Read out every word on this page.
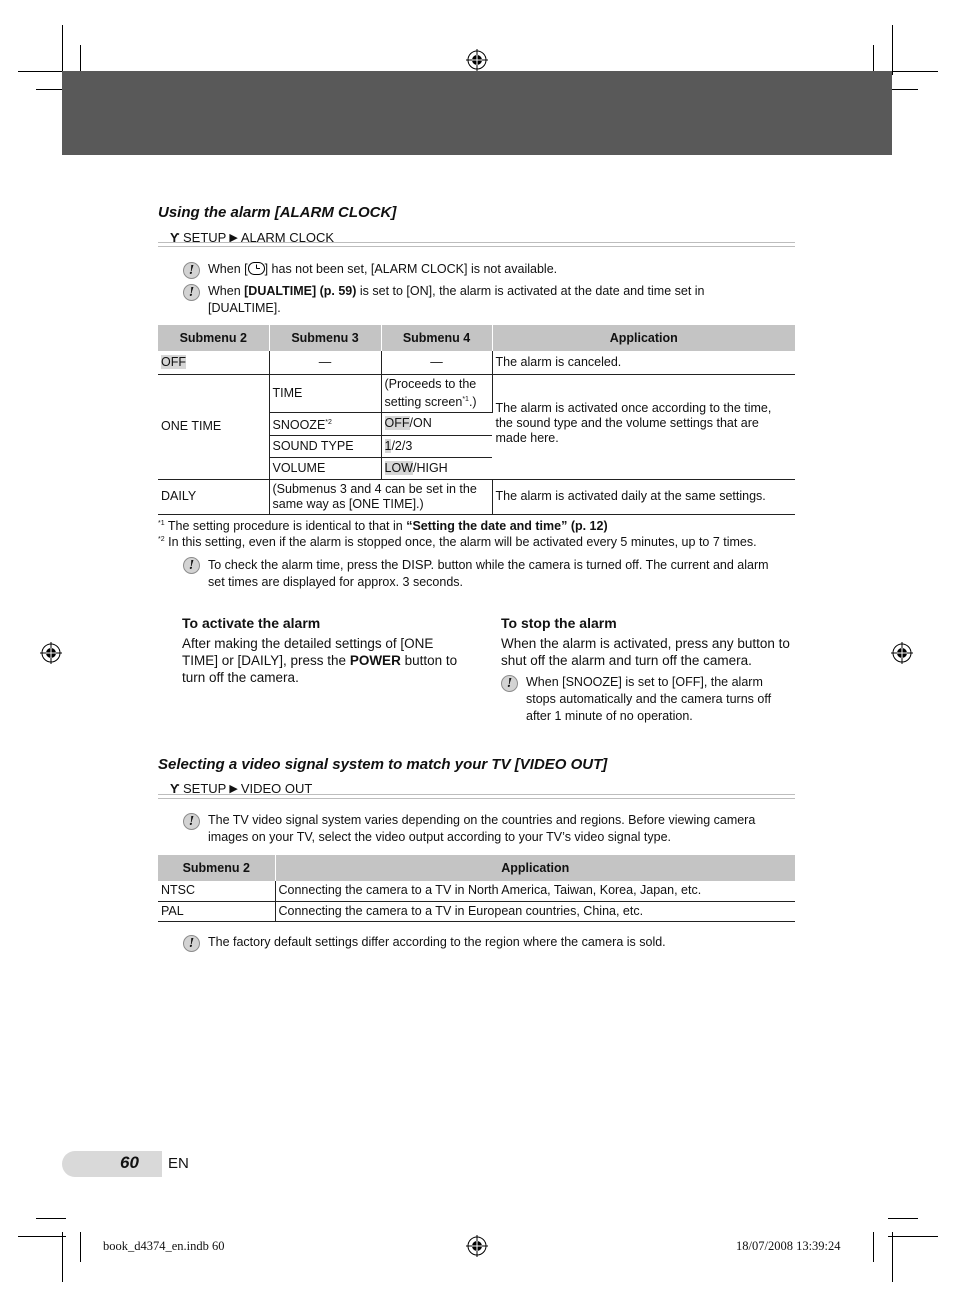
Using the alarm [ALARM CLOCK]
Ƴ SETUP ▶ ALARM CLOCK
!	When [ ] has not been set, [ALARM CLOCK] is not available.
!	When [DUALTIME] (p. 59) is set to [ON], the alarm is activated at the date and time set in [DUALTIME].
Submenu 2	Submenu 3	Submenu 4	Application
OFF	—	—	The alarm is canceled.
ONE TIME	TIME	(Proceeds to the setting screen$^{*1}$.)	The alarm is activated once according to the time, the sound type and the volume settings that are made here.
	SNOOZE$^{*2}$	OFF/ON	
	SOUND TYPE	1/2/3	
	VOLUME	LOW/HIGH	
DAILY	(Submenus 3 and 4 can be set in the same way as [ONE TIME].)		The alarm is activated daily at the same settings.
$^{*1}$ The setting procedure is identical to that in “Setting the date and time” (p. 12)
$^{*2}$ In this setting, even if the alarm is stopped once, the alarm will be activated every 5 minutes, up to 7 times.
!	To check the alarm time, press the DISP. button while the camera is turned off. The current and alarm set times are displayed for approx. 3 seconds.
To activate the alarm
After making the detailed settings of [ONE TIME] or [DAILY], press the POWER button to turn off the camera.
To stop the alarm
When the alarm is activated, press any button to shut off the alarm and turn off the camera.
!	When [SNOOZE] is set to [OFF], the alarm stops automatically and the camera turns off after 1 minute of no operation.
Selecting a video signal system to match your TV [VIDEO OUT]
Ƴ SETUP ▶ VIDEO OUT
!	The TV video signal system varies depending on the countries and regions. Before viewing camera images on your TV, select the video output according to your TV’s video signal type.
Submenu 2	Application
NTSC	Connecting the camera to a TV in North America, Taiwan, Korea, Japan, etc.
PAL	Connecting the camera to a TV in European countries, China, etc.
!	The factory default settings differ according to the region where the camera is sold.
60 EN
book_d4374_en.indb 60	18/07/2008 13:39:24
